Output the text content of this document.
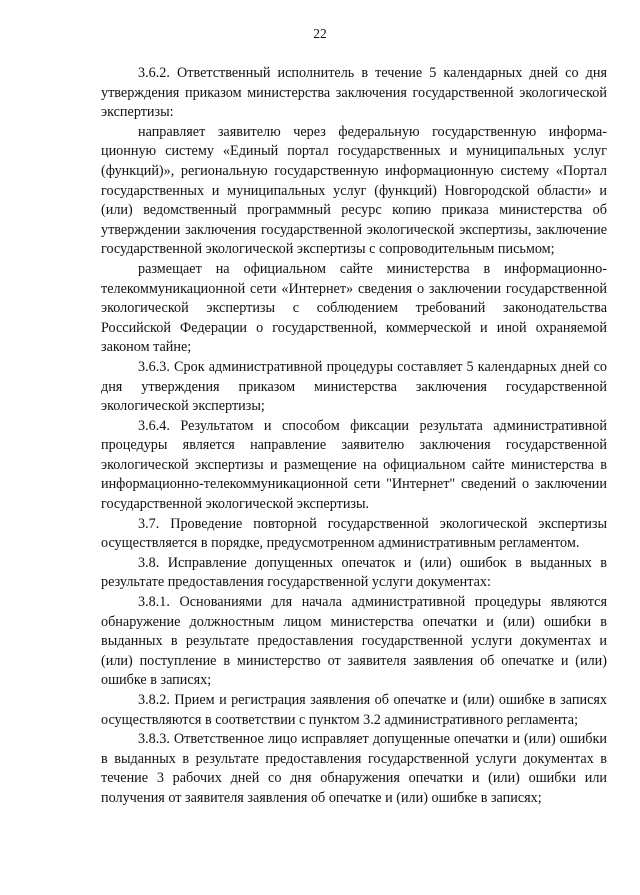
22

3.6.2. Ответственный исполнитель в течение 5 календарных дней со дня утверждения приказом министерства заключения государственной экологической экспертизы:

направляет заявителю через федеральную государственную информационную систему «Единый портал государственных и муниципальных услуг (функций)», региональную государственную информационную систему «Портал государственных и муниципальных услуг (функций) Новгородской области» и (или) ведомственный программный ресурс копию приказа министерства об утверждении заключения государственной экологической экспертизы, заключение государственной экологической экспертизы с сопроводительным письмом;

размещает на официальном сайте министерства в информационно-телекоммуникационной сети «Интернет» сведения о заключении государственной экологической экспертизы с соблюдением требований законодательства Российской Федерации о государственной, коммерческой и иной охраняемой законом тайне;

3.6.3. Срок административной процедуры составляет 5 календарных дней со дня утверждения приказом министерства заключения государственной экологической экспертизы;

3.6.4. Результатом и способом фиксации результата административной процедуры является направление заявителю заключения государственной экологической экспертизы и размещение на официальном сайте министерства в информационно-телекоммуникационной сети "Интернет" сведений о заключении государственной экологической экспертизы.

3.7. Проведение повторной государственной экологической экспертизы осуществляется в порядке, предусмотренном административным регламентом.

3.8. Исправление допущенных опечаток и (или) ошибок в выданных в результате предоставления государственной услуги документах:

3.8.1. Основаниями для начала административной процедуры являются обнаружение должностным лицом министерства опечатки и (или) ошибки в выданных в результате предоставления государственной услуги документах и (или) поступление в министерство от заявителя заявления об опечатке и (или) ошибке в записях;

3.8.2. Прием и регистрация заявления об опечатке и (или) ошибке в записях осуществляются в соответствии с пунктом 3.2 административного регламента;

3.8.3. Ответственное лицо исправляет допущенные опечатки и (или) ошибки в выданных в результате предоставления государственной услуги документах в течение 3 рабочих дней со дня обнаружения опечатки и (или) ошибки или получения от заявителя заявления об опечатке и (или) ошибке в записях;
